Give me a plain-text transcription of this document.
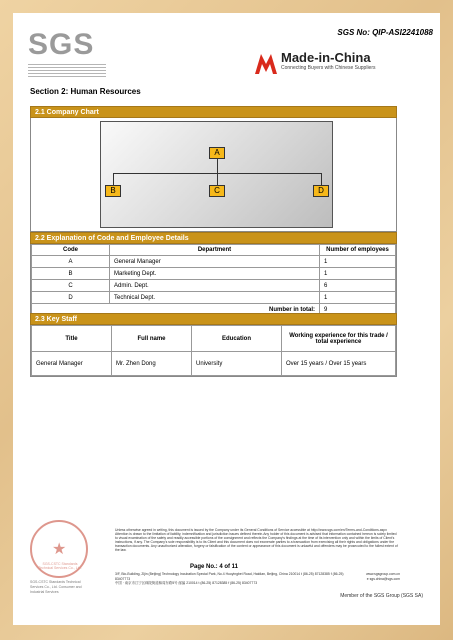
SGS	SGS No: QIP-ASI2241088
Made-in-China
Connecting Buyers with Chinese Suppliers
Section 2: Human Resources
2.1 Company Chart
A
B	C	D
2.2 Explanation of Code and Employee Details
Code	Department	Number of employees
A	General Manager	1
B	Marketing Dept.	1
C	Admin. Dept.	6
D	Technical Dept.	1
Number in total:		9
2.3 Key Staff
Title	Full name	Education	Working experience for this trade / total experience
General Manager	Mr. Zhen Dong	University	Over 15 years / Over 15 years
★
SGS-CSTC Standards Technical Services Co., Ltd.
SGS-CSTC Standards Technical Services Co., Ltd. Consumer and Industrial Services
Unless otherwise agreed in writing, this document is issued by the Company under its General Conditions of Service accessible at http://www.sgs.com/en/Terms-and-Conditions.aspx Attention is drawn to the limitation of liability, indemnification and jurisdiction issues defined therein.Any holder of this document is advised that information contained hereon is solely limited to visual examination of the safety and readily accessible portions of the consignment and reflects the Company's findings at the time of its intervention only and within the limits of Client's instructions, if any. The Company's sole responsibility is to its Client and this document does not exonerate parties to a transaction from exercising all their rights and obligations under the transaction documents. Any unauthorized alteration, forgery or falsification of the content or appearance of this document is unlawful and offenders may be prosecuted to the fullest extent of the law.
Page No.: 4 of 11
3/F, Bio-Building, Zijin (Beijing) Technology Incubation Special Park, No.4 Huoyingbei Road, Haidian, Beijing, China 210014 t (86-25) 87128385 f (86-25) 83407773
中国 · 南京市江宁区秣陵街道秣周东路5号 邮编 210014 t (86-25) 87128385 f (86-25) 83407773
www.sgsgroup.com.cn
e sgs.china@sgs.com
Member of the SGS Group (SGS SA)
